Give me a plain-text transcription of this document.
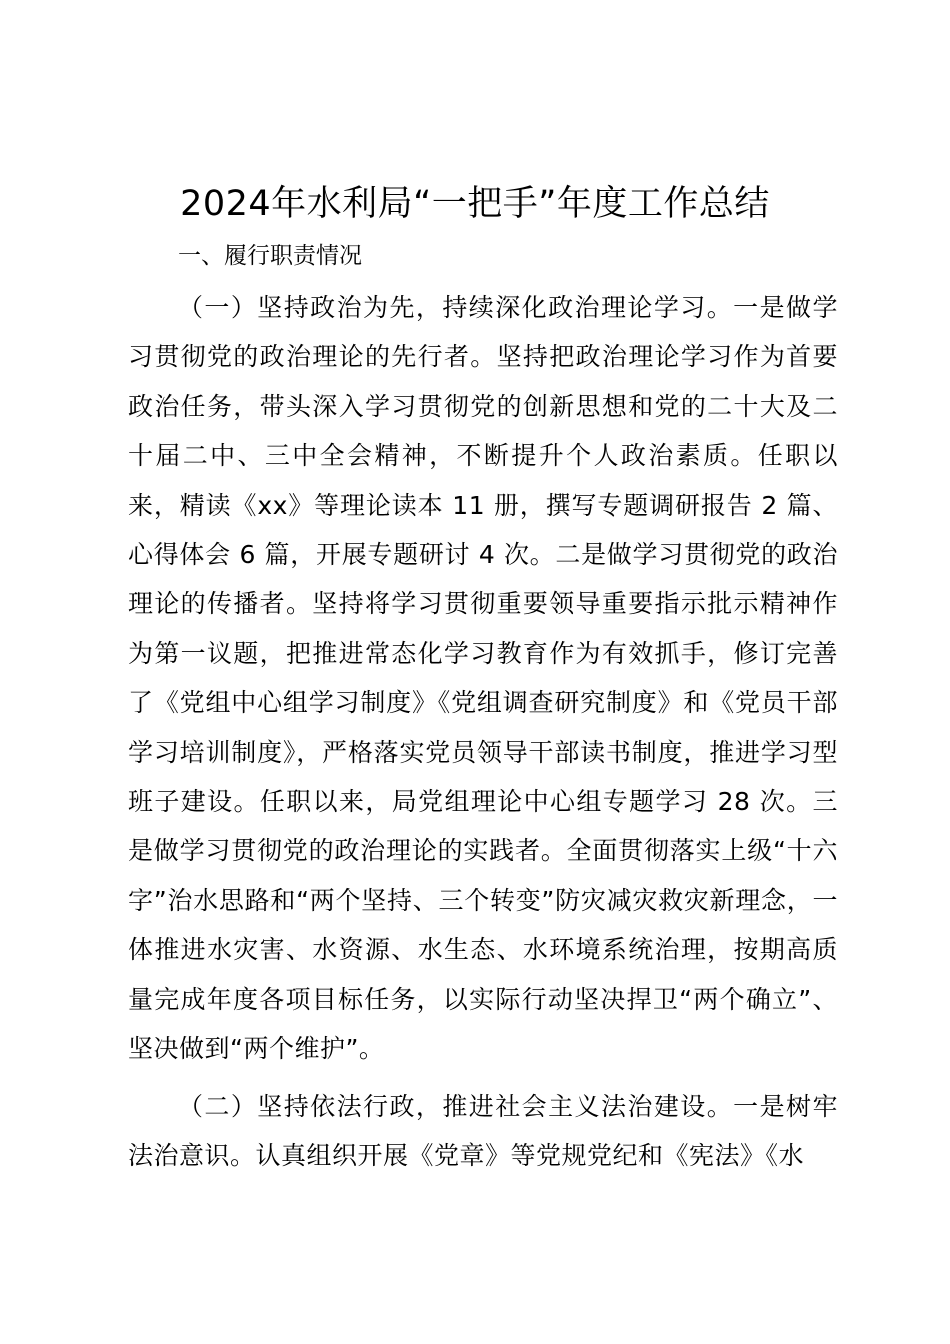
2024年水利局“一把手”年度工作总结
一、履行职责情况

（一）坚持政治为先，持续深化政治理论学习。一是做学习贯彻党的政治理论的先行者。坚持把政治理论学习作为首要政治任务，带头深入学习贯彻党的创新思想和党的二十大及二十届二中、三中全会精神，不断提升个人政治素质。任职以来，精读《xx》等理论读本 11 册，撰写专题调研报告 2 篇、心得体会 6 篇，开展专题研讨 4 次。二是做学习贯彻党的政治理论的传播者。坚持将学习贯彻重要领导重要指示批示精神作为第一议题，把推进常态化学习教育作为有效抓手，修订完善了《党组中心组学习制度》《党组调查研究制度》和《党员干部学习培训制度》，严格落实党员领导干部读书制度，推进学习型班子建设。任职以来，局党组理论中心组专题学习 28 次。三是做学习贯彻党的政治理论的实践者。全面贯彻落实上级“十六字”治水思路和“两个坚持、三个转变”防灾减灾救灾新理念，一体推进水灾害、水资源、水生态、水环境系统治理，按期高质量完成年度各项目标任务，以实际行动坚决捍卫“两个确立”、坚决做到“两个维护”。

（二）坚持依法行政，推进社会主义法治建设。一是树牢法治意识。认真组织开展《党章》等党规党纪和《宪法》《水
